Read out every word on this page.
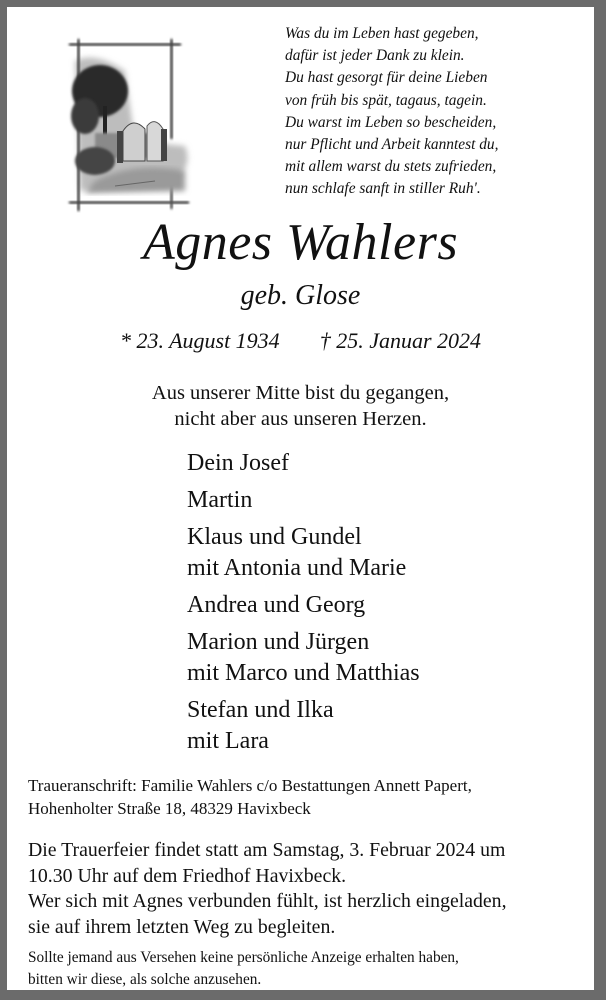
Was du im Leben hast gegeben,
dafür ist jeder Dank zu klein.
Du hast gesorgt für deine Lieben
von früh bis spät, tagaus, tagein.
Du warst im Leben so bescheiden,
nur Pflicht und Arbeit kanntest du,
mit allem warst du stets zufrieden,
nun schlafe sanft in stiller Ruh'.
Agnes Wahlers
geb. Glose
* 23. August 1934 † 25. Januar 2024
Aus unserer Mitte bist du gegangen,
nicht aber aus unseren Herzen.
Dein Josef
Martin
Klaus und Gundel
mit Antonia und Marie
Andrea und Georg
Marion und Jürgen
mit Marco und Matthias
Stefan und Ilka
mit Lara
Traueranschrift: Familie Wahlers c/o Bestattungen Annett Papert,
Hohenholter Straße 18, 48329 Havixbeck
Die Trauerfeier findet statt am Samstag, 3. Februar 2024 um
10.30 Uhr auf dem Friedhof Havixbeck.
Wer sich mit Agnes verbunden fühlt, ist herzlich eingeladen,
sie auf ihrem letzten Weg zu begleiten.
Sollte jemand aus Versehen keine persönliche Anzeige erhalten haben,
bitten wir diese, als solche anzusehen.
